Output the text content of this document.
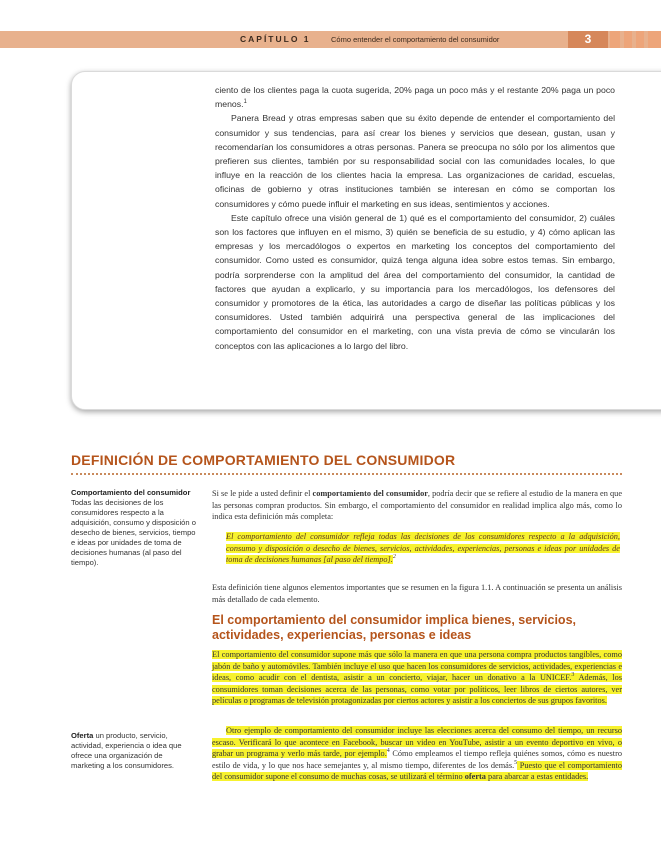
CAPÍTULO 1	Cómo entender el comportamiento del consumidor	3

ciento de los clientes paga la cuota sugerida, 20% paga un poco más y el restante 20% paga un poco menos.$^1$

Panera Bread y otras empresas saben que su éxito depende de entender el comportamiento del consumidor y sus tendencias, para así crear los bienes y servicios que desean, gustan, usan y recomendarían los consumidores a otras personas. Panera se preocupa no sólo por los alimentos que prefieren sus clientes, también por su responsabilidad social con las comunidades locales, lo que influye en la reacción de los clientes hacia la empresa. Las organizaciones de caridad, escuelas, oficinas de gobierno y otras instituciones también se interesan en cómo se comportan los consumidores y cómo puede influir el marketing en sus ideas, sentimientos y acciones.

Este capítulo ofrece una visión general de 1) qué es el comportamiento del consumidor, 2) cuáles son los factores que influyen en el mismo, 3) quién se beneficia de su estudio, y 4) cómo aplican las empresas y los mercadólogos o expertos en marketing los conceptos del comportamiento del consumidor. Como usted es consumidor, quizá tenga alguna idea sobre estos temas. Sin embargo, podría sorprenderse con la amplitud del área del comportamiento del consumidor, la cantidad de factores que ayudan a explicarlo, y su importancia para los mercadólogos, los defensores del consumidor y promotores de la ética, las autoridades a cargo de diseñar las políticas públicas y los consumidores. Usted también adquirirá una perspectiva general de las implicaciones del comportamiento del consumidor en el marketing, con una vista previa de cómo se vincularán los conceptos con las aplicaciones a lo largo del libro.

DEFINICIÓN DE COMPORTAMIENTO DEL CONSUMIDOR

Comportamiento del consumidor Todas las decisiones de los consumidores respecto a la adquisición, consumo y disposición o desecho de bienes, servicios, tiempo e ideas por unidades de toma de decisiones humanas (al paso del tiempo).

Oferta un producto, servicio, actividad, experiencia o idea que ofrece una organización de marketing a los consumidores.

Si se le pide a usted definir el comportamiento del consumidor, podría decir que se refiere al estudio de la manera en que las personas compran productos. Sin embargo, el comportamiento del consumidor en realidad implica algo más, como lo indica esta definición más completa:

El comportamiento del consumidor refleja todas las decisiones de los consumidores respecto a la adquisición, consumo y disposición o desecho de bienes, servicios, actividades, experiencias, personas e ideas por unidades de toma de decisiones humanas [al paso del tiempo].$^2$

Esta definición tiene algunos elementos importantes que se resumen en la figura 1.1. A continuación se presenta un análisis más detallado de cada elemento.

El comportamiento del consumidor implica bienes, servicios, actividades, experiencias, personas e ideas

El comportamiento del consumidor supone más que sólo la manera en que una persona compra productos tangibles, como jabón de baño y automóviles. También incluye el uso que hacen los consumidores de servicios, actividades, experiencias e ideas, como acudir con el dentista, asistir a un concierto, viajar, hacer un donativo a la UNICEF.$^3$ Además, los consumidores toman decisiones acerca de las personas, como votar por políticos, leer libros de ciertos autores, ver películas o programas de televisión protagonizadas por ciertos actores y asistir a los conciertos de sus grupos favoritos.

Otro ejemplo de comportamiento del consumidor incluye las elecciones acerca del consumo del tiempo, un recurso escaso. Verificará lo que acontece en Facebook, buscar un video en YouTube, asistir a un evento deportivo en vivo, o grabar un programa y verlo más tarde, por ejemplo.$^4$ Cómo empleamos el tiempo refleja quiénes somos, cómo es nuestro estilo de vida, y lo que nos hace semejantes y, al mismo tiempo, diferentes de los demás.$^5$ Puesto que el comportamiento del consumidor supone el consumo de muchas cosas, se utilizará el término oferta para abarcar a estas entidades.
